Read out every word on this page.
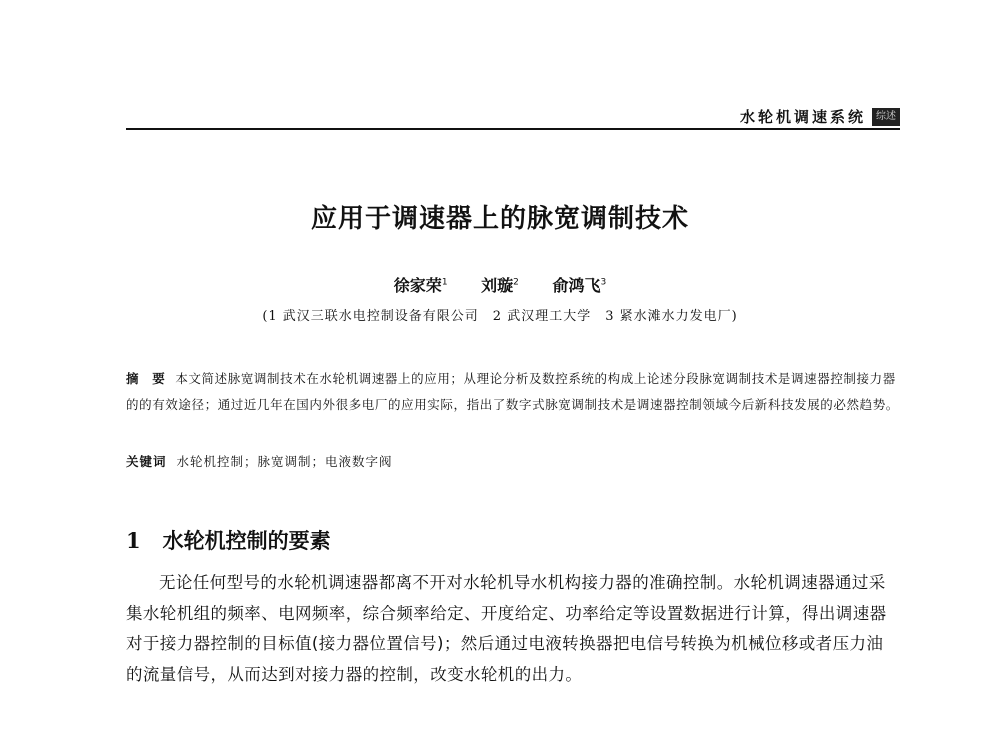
水轮机调速系统	综述
应用于调速器上的脉宽调制技术
徐家荣$^1$ 刘璇$^2$ 俞鸿飞$^3$
(1 武汉三联水电控制设备有限公司　2 武汉理工大学　3 紧水滩水力发电厂)
摘　要 本文简述脉宽调制技术在水轮机调速器上的应用；从理论分析及数控系统的构成上论述分段脉宽调制技术是调速器控制接力器的的有效途径；通过近几年在国内外很多电厂的应用实际，指出了数字式脉宽调制技术是调速器控制领域今后新科技发展的必然趋势。
关键词 水轮机控制；脉宽调制；电液数字阀
1 水轮机控制的要素

无论任何型号的水轮机调速器都离不开对水轮机导水机构接力器的准确控制。水轮机调速器通过采集水轮机组的频率、电网频率，综合频率给定、开度给定、功率给定等设置数据进行计算，得出调速器对于接力器控制的目标值(接力器位置信号)；然后通过电液转换器把电信号转换为机械位移或者压力油的流量信号，从而达到对接力器的控制，改变水轮机的出力。
